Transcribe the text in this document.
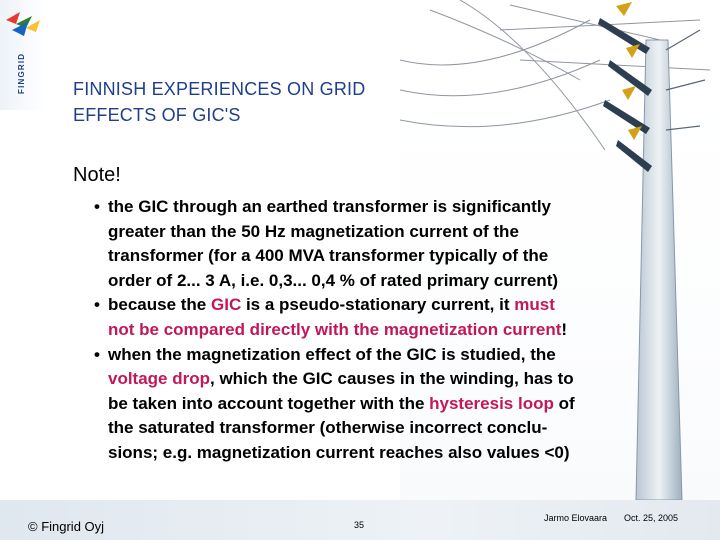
FINGRID	FINNISH EXPERIENCES ON GRID
EFFECTS OF GIC'S
Note!
• the GIC through an earthed transformer is significantly
greater than the 50 Hz magnetization current of the
transformer (for a 400 MVA transformer typically of the
order of 2... 3 A, i.e. 0,3... 0,4 % of rated primary current)
• because the GIC is a pseudo-stationary current, it must
not be compared directly with the magnetization current!
• when the magnetization effect of the GIC is studied, the
voltage drop, which the GIC causes in the winding, has to
be taken into account together with the hysteresis loop of
the saturated transformer (otherwise incorrect conclu-
sions; e.g. magnetization current reaches also values <0)
© Fingrid Oyj	35
Jarmo Elovaara Oct. 25, 2005
